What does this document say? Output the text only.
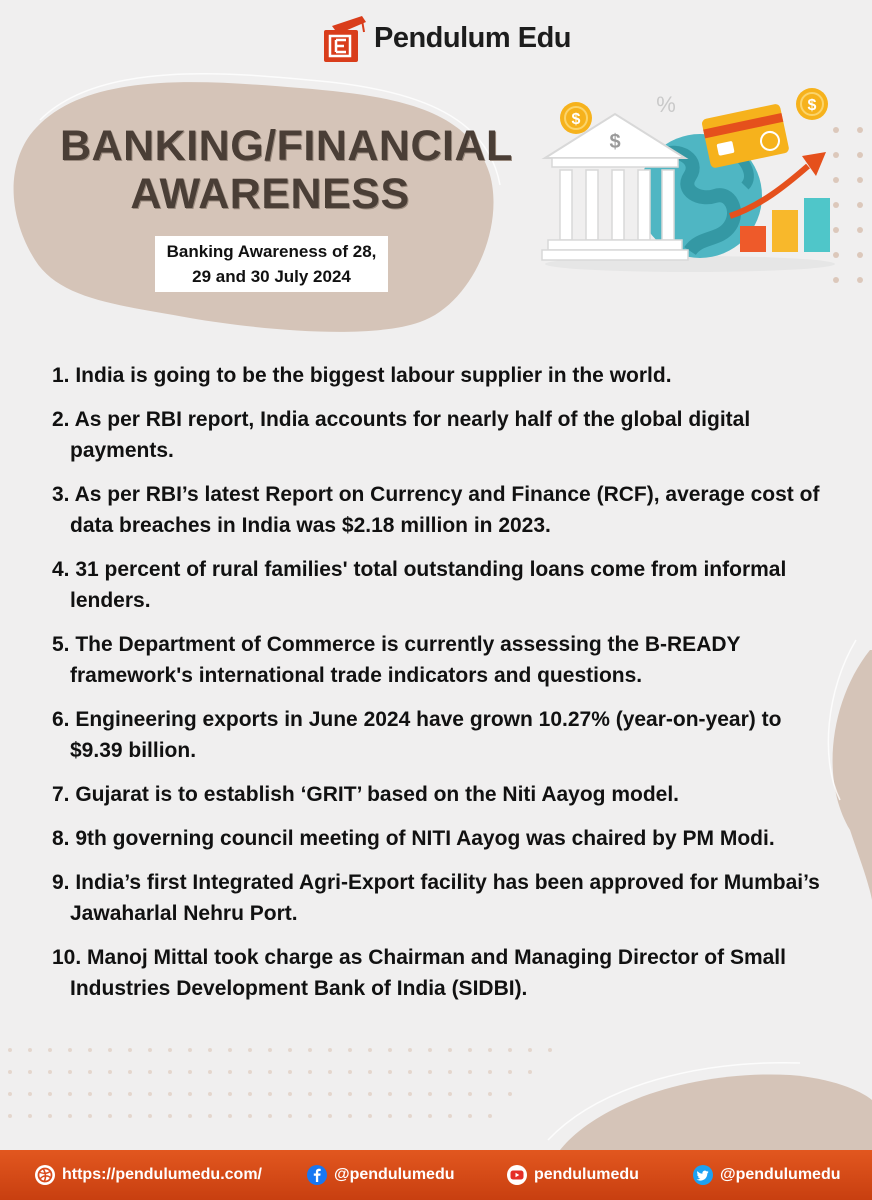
Pendulum Edu
BANKING/FINANCIAL
AWARENESS
Banking Awareness of 28,
29 and 30 July 2024
$
$
$
%
1. India is going to be the biggest labour supplier in the world.
2. As per RBI report, India accounts for nearly half of the global digital payments.
3. As per RBI’s latest Report on Currency and Finance (RCF), average cost of data breaches in India was $2.18 million in 2023.
4. 31 percent of rural families' total outstanding loans come from informal lenders.
5. The Department of Commerce is currently assessing the B-READY framework's international trade indicators and questions.
6. Engineering exports in June 2024 have grown 10.27% (year-on-year) to $9.39 billion.
7. Gujarat is to establish ‘GRIT’ based on the Niti Aayog model.
8. 9th governing council meeting of NITI Aayog was chaired by PM Modi.
9. India’s first Integrated Agri-Export facility has been approved for Mumbai’s Jawaharlal Nehru Port.
10. Manoj Mittal took charge as Chairman and Managing Director of Small Industries Development Bank of India (SIDBI).
https://pendulumedu.com/	@pendulumedu	pendulumedu	@pendulumedu
